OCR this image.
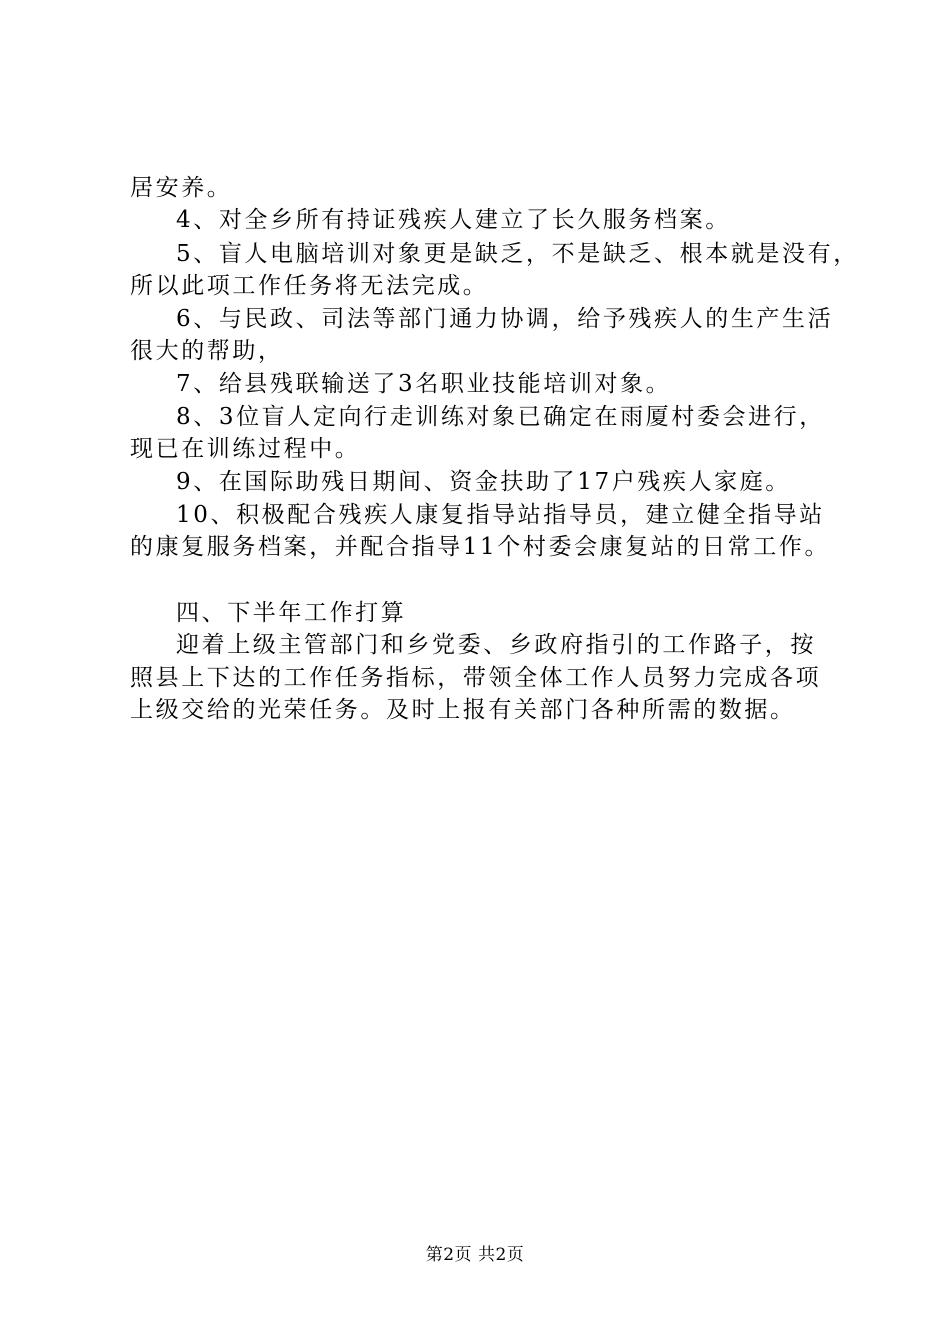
居安养。
4、对全乡所有持证残疾人建立了长久服务档案。
5、盲人电脑培训对象更是缺乏，不是缺乏、根本就是没有，
所以此项工作任务将无法完成。
6、与民政、司法等部门通力协调，给予残疾人的生产生活
很大的帮助，
7、给县残联输送了3名职业技能培训对象。
8、3位盲人定向行走训练对象已确定在雨厦村委会进行，
现已在训练过程中。
9、在国际助残日期间、资金扶助了17户残疾人家庭。
10、积极配合残疾人康复指导站指导员，建立健全指导站
的康复服务档案，并配合指导11个村委会康复站的日常工作。
四、下半年工作打算
迎着上级主管部门和乡党委、乡政府指引的工作路子，按
照县上下达的工作任务指标，带领全体工作人员努力完成各项
上级交给的光荣任务。及时上报有关部门各种所需的数据。
第2页 共2页
